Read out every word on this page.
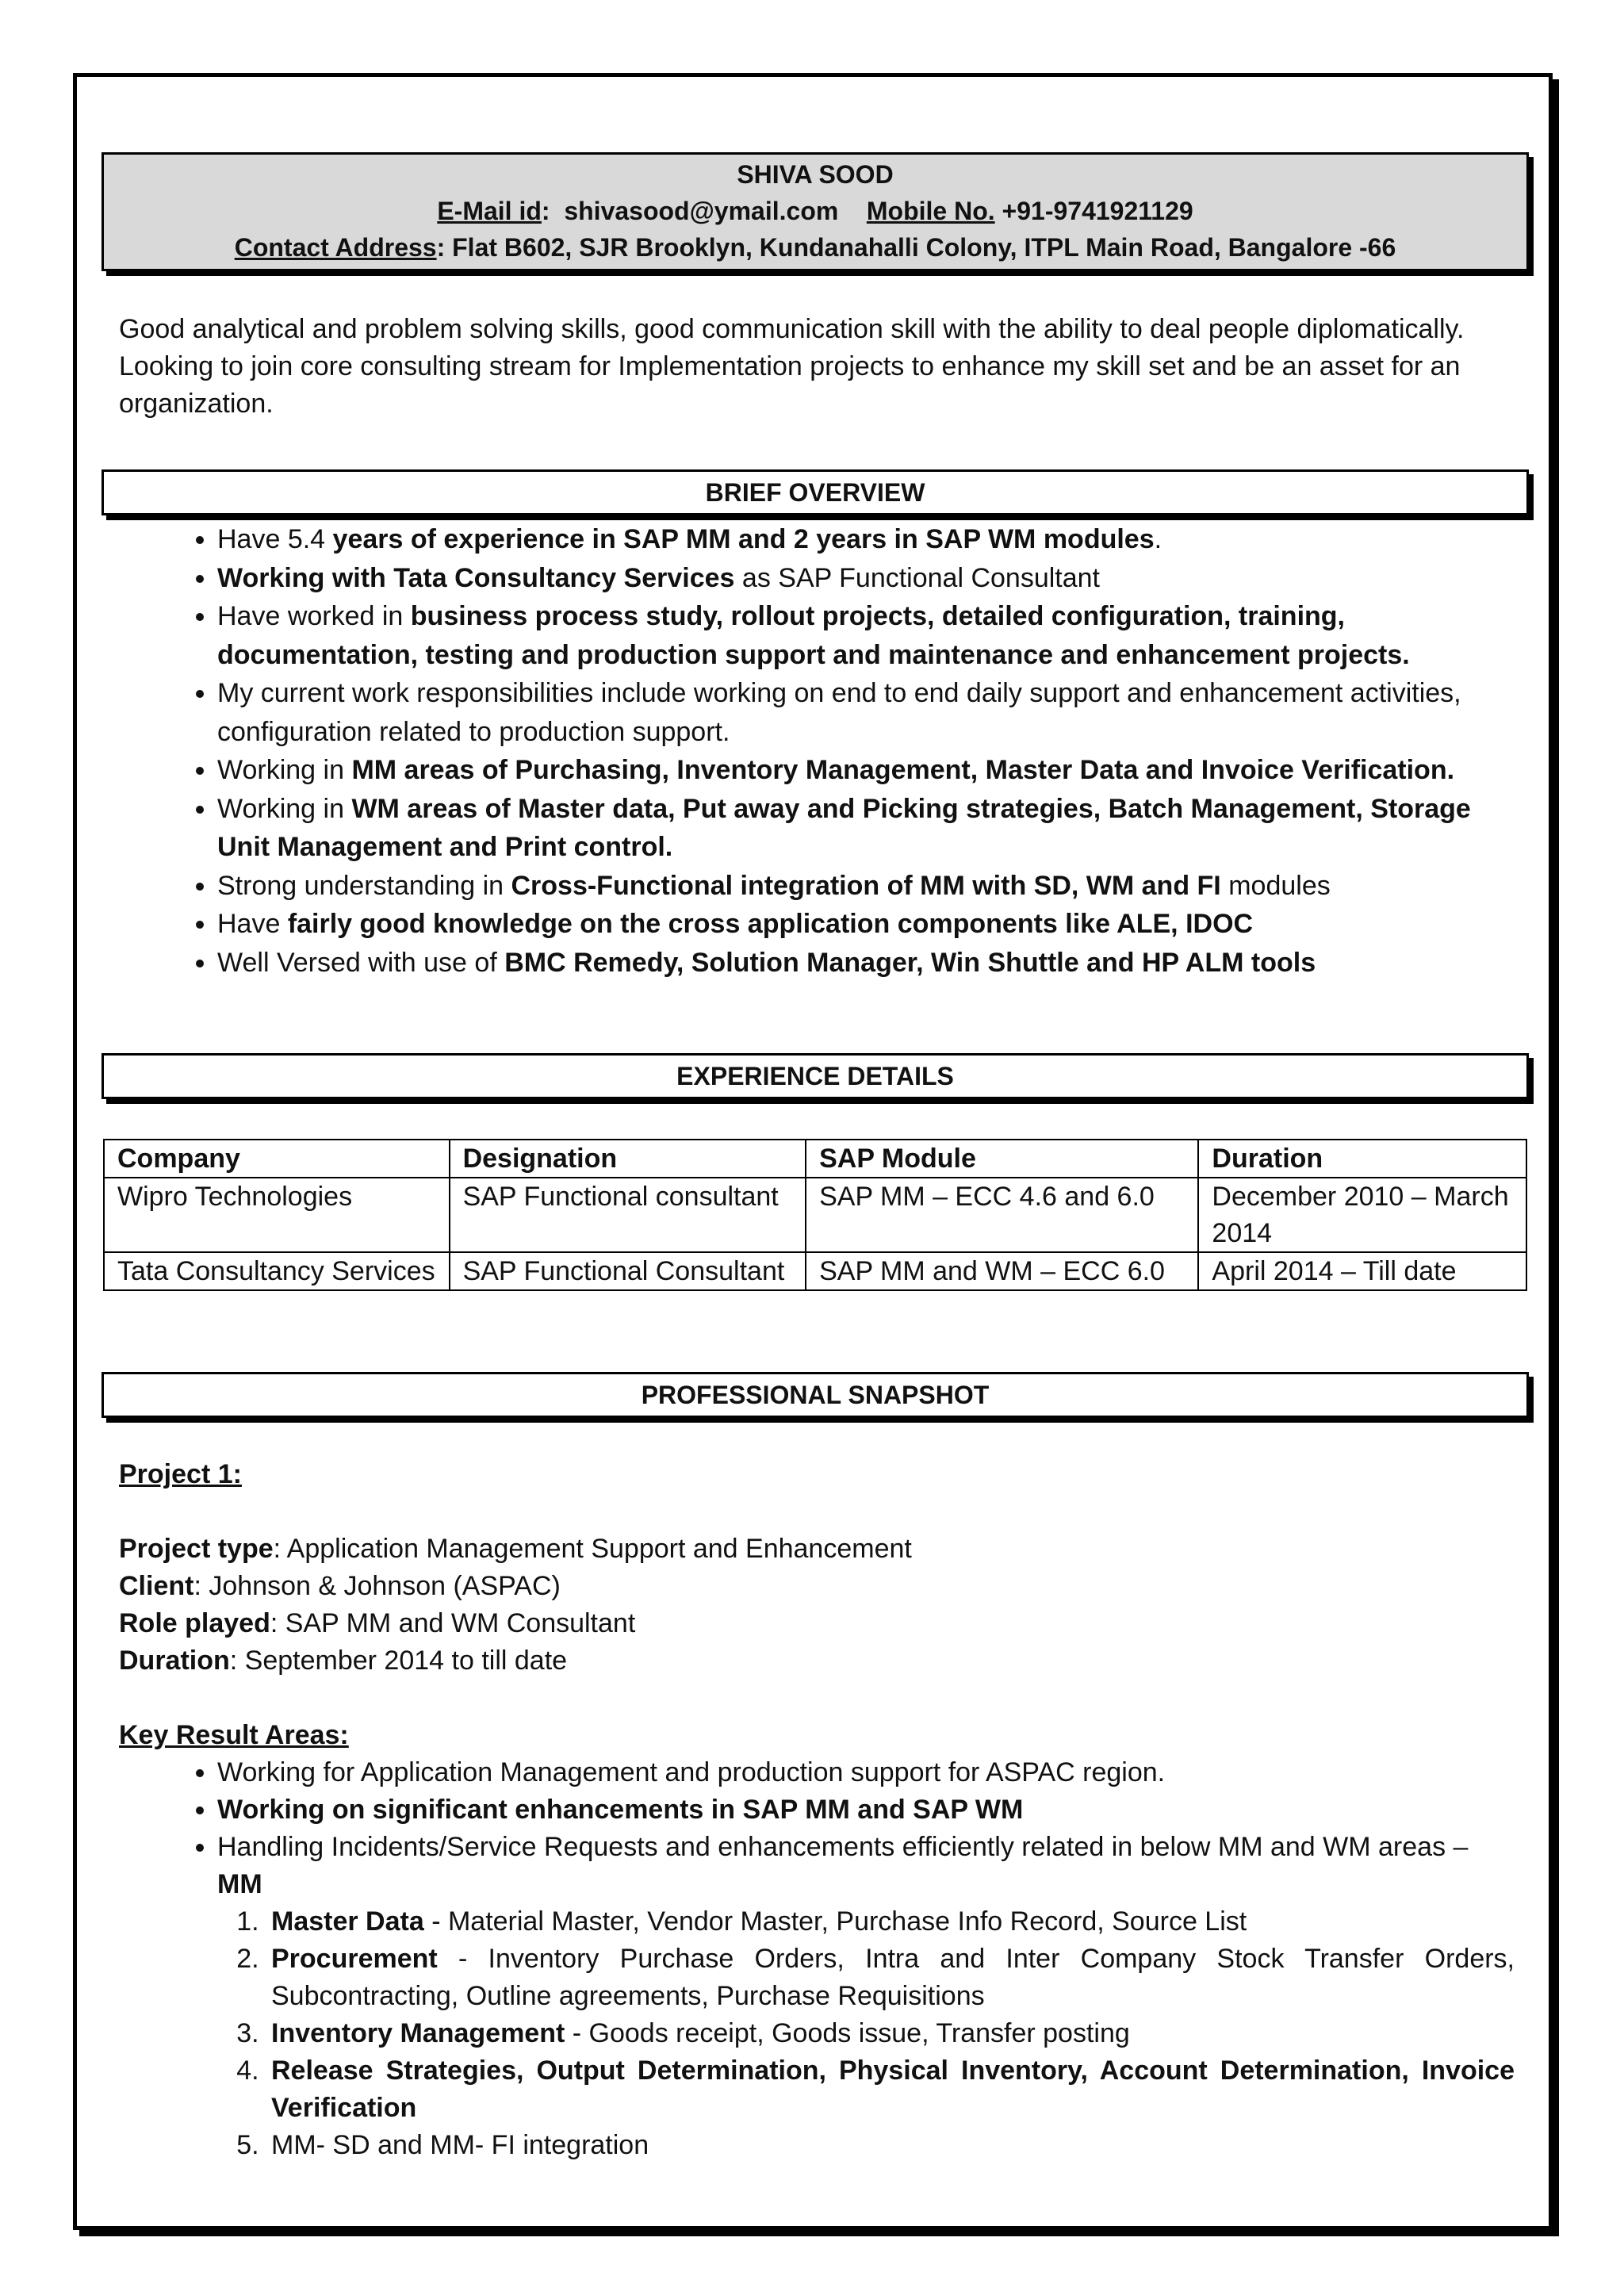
SHIVA SOOD
E-Mail id:  shivasood@ymail.com Mobile No. +91-9741921129
Contact Address: Flat B602, SJR Brooklyn, Kundanahalli Colony, ITPL Main Road, Bangalore -66

Good analytical and problem solving skills, good communication skill with the ability to deal people diplomatically. Looking to join core consulting stream for Implementation projects to enhance my skill set and be an asset for an organization.

BRIEF OVERVIEW
• Have 5.4 years of experience in SAP MM and 2 years in SAP WM modules.
• Working with Tata Consultancy Services as SAP Functional Consultant
• Have worked in business process study, rollout projects, detailed configuration, training, documentation, testing and production support and maintenance and enhancement projects.
• My current work responsibilities include working on end to end daily support and enhancement activities, configuration related to production support.
• Working in MM areas of Purchasing, Inventory Management, Master Data and Invoice Verification.
• Working in WM areas of Master data, Put away and Picking strategies, Batch Management, Storage Unit Management and Print control.
• Strong understanding in Cross-Functional integration of MM with SD, WM and FI modules
• Have fairly good knowledge on the cross application components like ALE, IDOC
• Well Versed with use of BMC Remedy, Solution Manager, Win Shuttle and HP ALM tools
EXPERIENCE DETAILS
Company	Designation	SAP Module	Duration
Wipro Technologies	SAP Functional consultant	SAP MM – ECC 4.6 and 6.0	December 2010 – March 2014
Tata Consultancy Services	SAP Functional Consultant	SAP MM and WM – ECC 6.0	April 2014 – Till date
PROFESSIONAL SNAPSHOT

Project 1:

Project type: Application Management Support and Enhancement

Client: Johnson & Johnson (ASPAC)

Role played: SAP MM and WM Consultant

Duration: September 2014 to till date

Key Result Areas:

• Working for Application Management and production support for ASPAC region.
• Working on significant enhancements in SAP MM and SAP WM
• Handling Incidents/Service Requests and enhancements efficiently related in below MM and WM areas – MM
1. Master Data - Material Master, Vendor Master, Purchase Info Record, Source List
2. Procurement - Inventory Purchase Orders, Intra and Inter Company Stock Transfer Orders, Subcontracting, Outline agreements, Purchase Requisitions
3. Inventory Management - Goods receipt, Goods issue, Transfer posting
4. Release Strategies, Output Determination, Physical Inventory, Account Determination, Invoice Verification
5. MM- SD and MM- FI integration
